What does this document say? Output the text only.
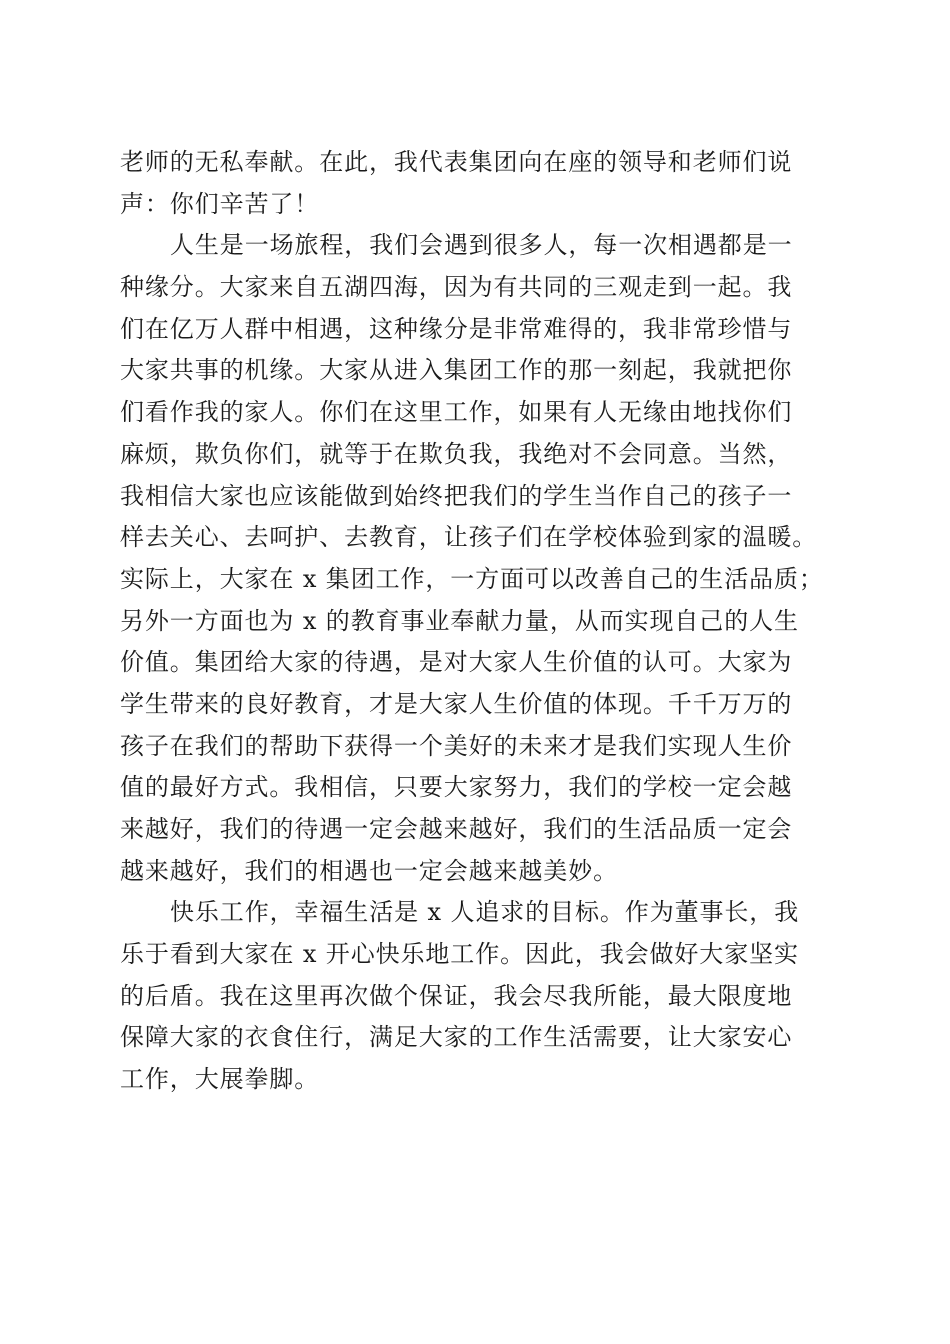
老师的无私奉献。在此，我代表集团向在座的领导和老师们说
声：你们辛苦了！
人生是一场旅程，我们会遇到很多人，每一次相遇都是一
种缘分。大家来自五湖四海，因为有共同的三观走到一起。我
们在亿万人群中相遇，这种缘分是非常难得的，我非常珍惜与
大家共事的机缘。大家从进入集团工作的那一刻起，我就把你
们看作我的家人。你们在这里工作，如果有人无缘由地找你们
麻烦，欺负你们，就等于在欺负我，我绝对不会同意。当然，
我相信大家也应该能做到始终把我们的学生当作自己的孩子一
样去关心、去呵护、去教育，让孩子们在学校体验到家的温暖。
实际上，大家在 x 集团工作，一方面可以改善自己的生活品质；
另外一方面也为 x 的教育事业奉献力量，从而实现自己的人生
价值。集团给大家的待遇，是对大家人生价值的认可。大家为
学生带来的良好教育，才是大家人生价值的体现。千千万万的
孩子在我们的帮助下获得一个美好的未来才是我们实现人生价
值的最好方式。我相信，只要大家努力，我们的学校一定会越
来越好，我们的待遇一定会越来越好，我们的生活品质一定会
越来越好，我们的相遇也一定会越来越美妙。
快乐工作，幸福生活是 x 人追求的目标。作为董事长，我
乐于看到大家在 x 开心快乐地工作。因此，我会做好大家坚实
的后盾。我在这里再次做个保证，我会尽我所能，最大限度地
保障大家的衣食住行，满足大家的工作生活需要，让大家安心
工作，大展拳脚。
